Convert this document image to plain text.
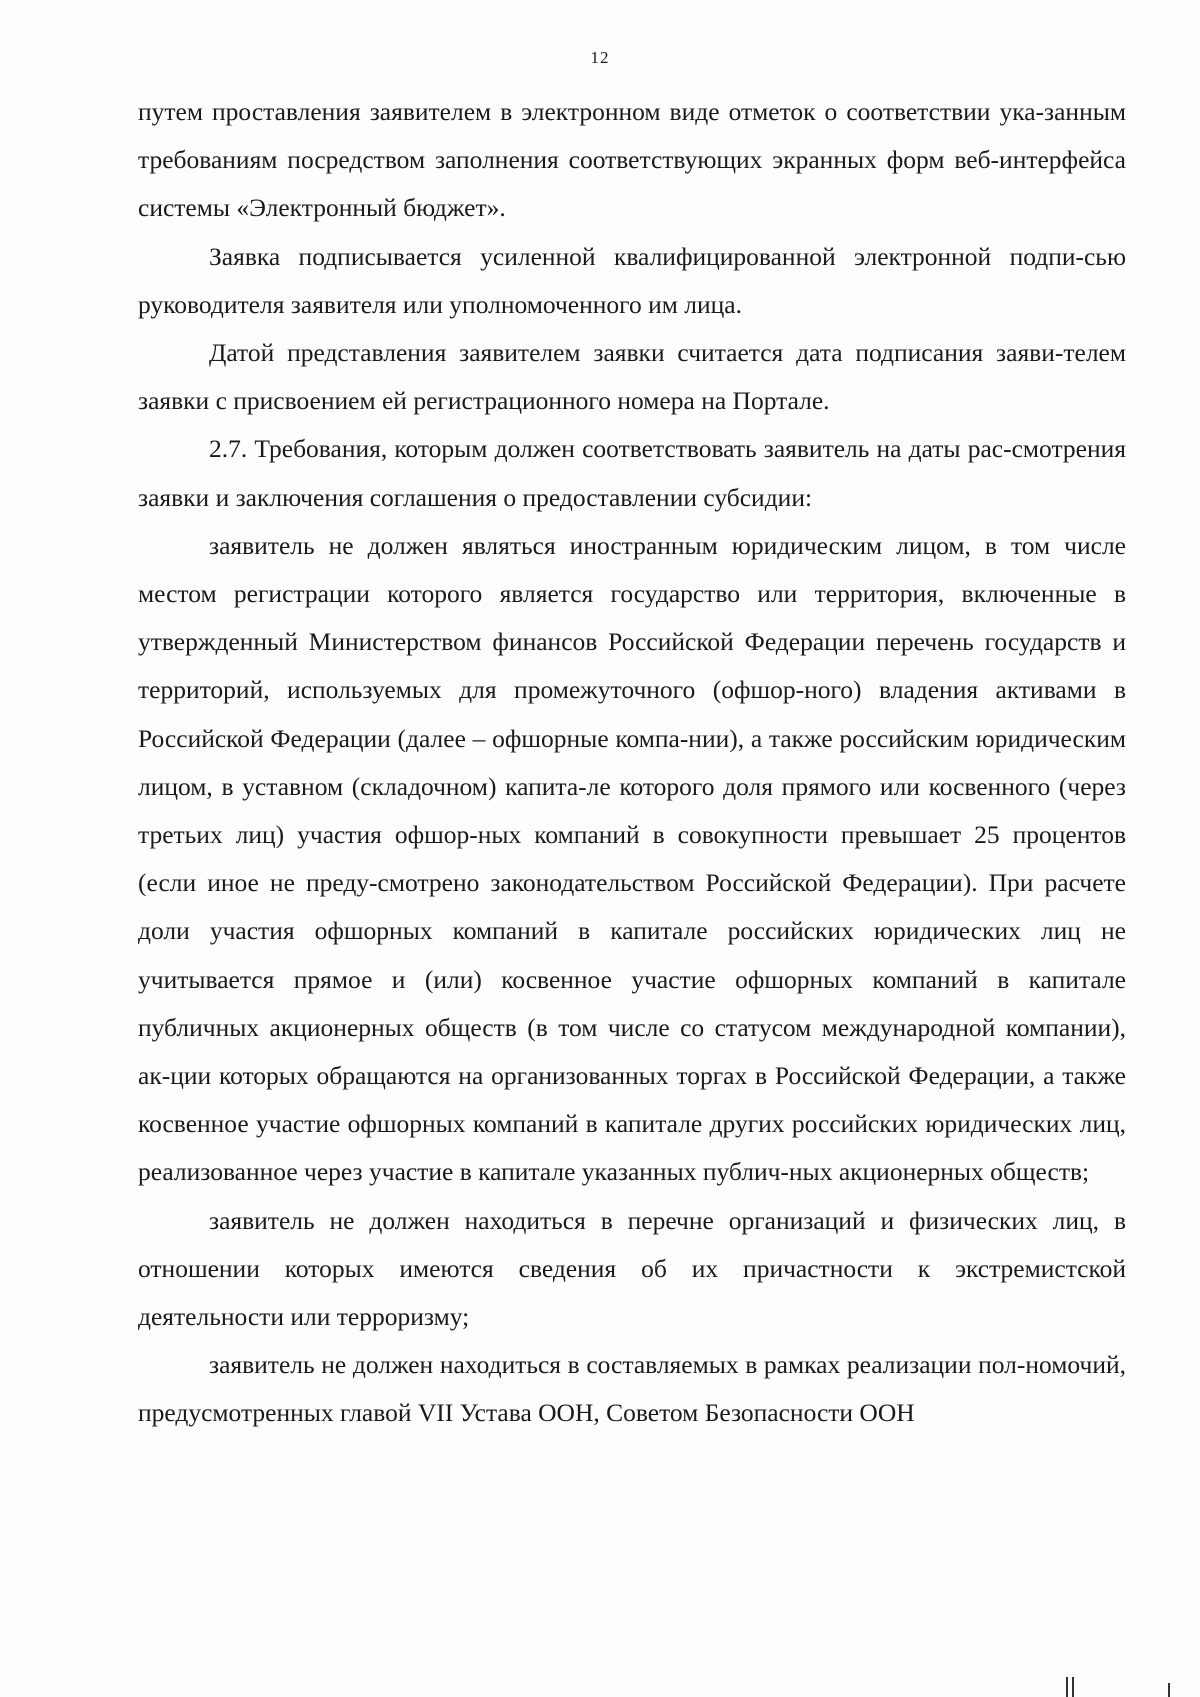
12

путем проставления заявителем в электронном виде отметок о соответствии ука-занным требованиям посредством заполнения соответствующих экранных форм веб-интерфейса системы «Электронный бюджет».

Заявка подписывается усиленной квалифицированной электронной подпи-сью руководителя заявителя или уполномоченного им лица.

Датой представления заявителем заявки считается дата подписания заяви-телем заявки с присвоением ей регистрационного номера на Портале.

2.7. Требования, которым должен соответствовать заявитель на даты рас-смотрения заявки и заключения соглашения о предоставлении субсидии:

заявитель не должен являться иностранным юридическим лицом, в том числе местом регистрации которого является государство или территория, включенные в утвержденный Министерством финансов Российской Федерации перечень государств и территорий, используемых для промежуточного (офшор-ного) владения активами в Российской Федерации (далее – офшорные компа-нии), а также российским юридическим лицом, в уставном (складочном) капита-ле которого доля прямого или косвенного (через третьих лиц) участия офшор-ных компаний в совокупности превышает 25 процентов (если иное не преду-смотрено законодательством Российской Федерации). При расчете доли участия офшорных компаний в капитале российских юридических лиц не учитывается прямое и (или) косвенное участие офшорных компаний в капитале публичных акционерных обществ (в том числе со статусом международной компании), ак-ции которых обращаются на организованных торгах в Российской Федерации, а также косвенное участие офшорных компаний в капитале других российских юридических лиц, реализованное через участие в капитале указанных публич-ных акционерных обществ;

заявитель не должен находиться в перечне организаций и физических лиц, в отношении которых имеются сведения об их причастности к экстремистской деятельности или терроризму;

заявитель не должен находиться в составляемых в рамках реализации пол-номочий, предусмотренных главой VII Устава ООН, Советом Безопасности ООН
